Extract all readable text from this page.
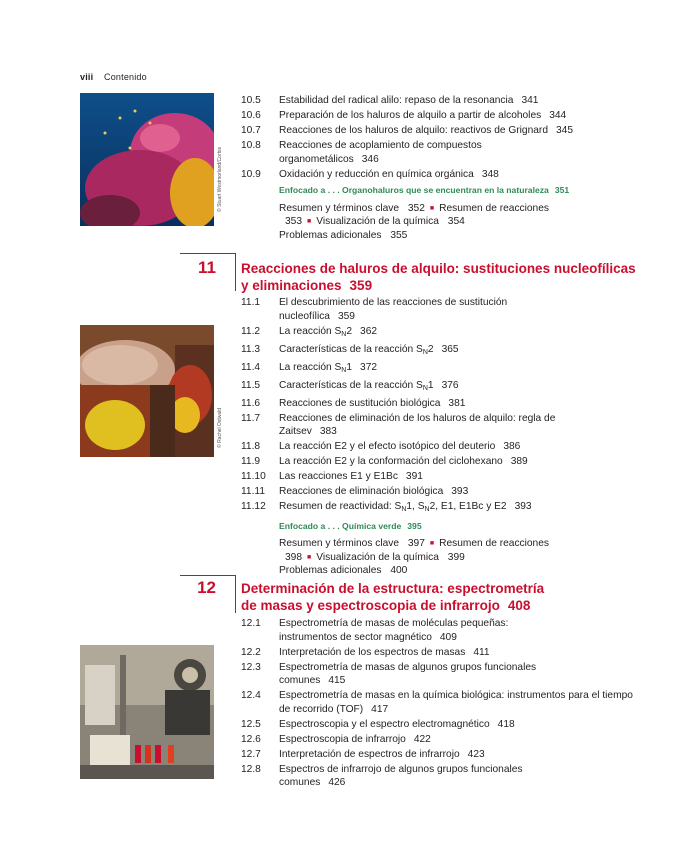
viii Contenido
© Stuart Westmorland/Corbis
10.5	Estabilidad del radical alilo: repaso de la resonancia 341
10.6	Preparación de los haluros de alquilo a partir de alcoholes 344
10.7	Reacciones de los haluros de alquilo: reactivos de Grignard 345
10.8	Reacciones de acoplamiento de compuestos organometálicos 346
10.9	Oxidación y reducción en química orgánica 348
Enfocado a . . . Organohaluros que se encuentran en la naturaleza 351
Resumen y términos clave 352 ■ Resumen de reacciones 353 ■ Visualización de la química 354
Problemas adicionales 355
11 Reacciones de haluros de alquilo: sustituciones nucleofílicas y eliminaciones 359
© Rachel Ostwald
11.1	El descubrimiento de las reacciones de sustitución nucleofílica 359
11.2	La reacción $S_N2$ 362
11.3	Características de la reacción $S_N2$ 365
11.4	La reacción $S_N1$ 372
11.5	Características de la reacción $S_N1$ 376
11.6	Reacciones de sustitución biológica 381
11.7	Reacciones de eliminación de los haluros de alquilo: regla de Zaitsev 383
11.8	La reacción E2 y el efecto isotópico del deuterio 386
11.9	La reacción E2 y la conformación del ciclohexano 389
11.10	Las reacciones E1 y E1Bc 391
11.11	Reacciones de eliminación biológica 393
11.12	Resumen de reactividad: $S_N1$, $S_N2$, E1, E1Bc y E2 393
Enfocado a . . . Química verde 395
Resumen y términos clave 397 ■ Resumen de reacciones 398 ■ Visualización de la química 399
Problemas adicionales 400
12 Determinación de la estructura: espectrometría de masas y espectroscopia de infrarrojo 408
12.1	Espectrometría de masas de moléculas pequeñas: instrumentos de sector magnético 409
12.2	Interpretación de los espectros de masas 411
12.3	Espectrometría de masas de algunos grupos funcionales comunes 415
12.4	Espectrometría de masas en la química biológica: instrumentos para el tiempo de recorrido (TOF) 417
12.5	Espectroscopia y el espectro electromagnético 418
12.6	Espectroscopia de infrarrojo 422
12.7	Interpretación de espectros de infrarrojo 423
12.8	Espectros de infrarrojo de algunos grupos funcionales comunes 426
